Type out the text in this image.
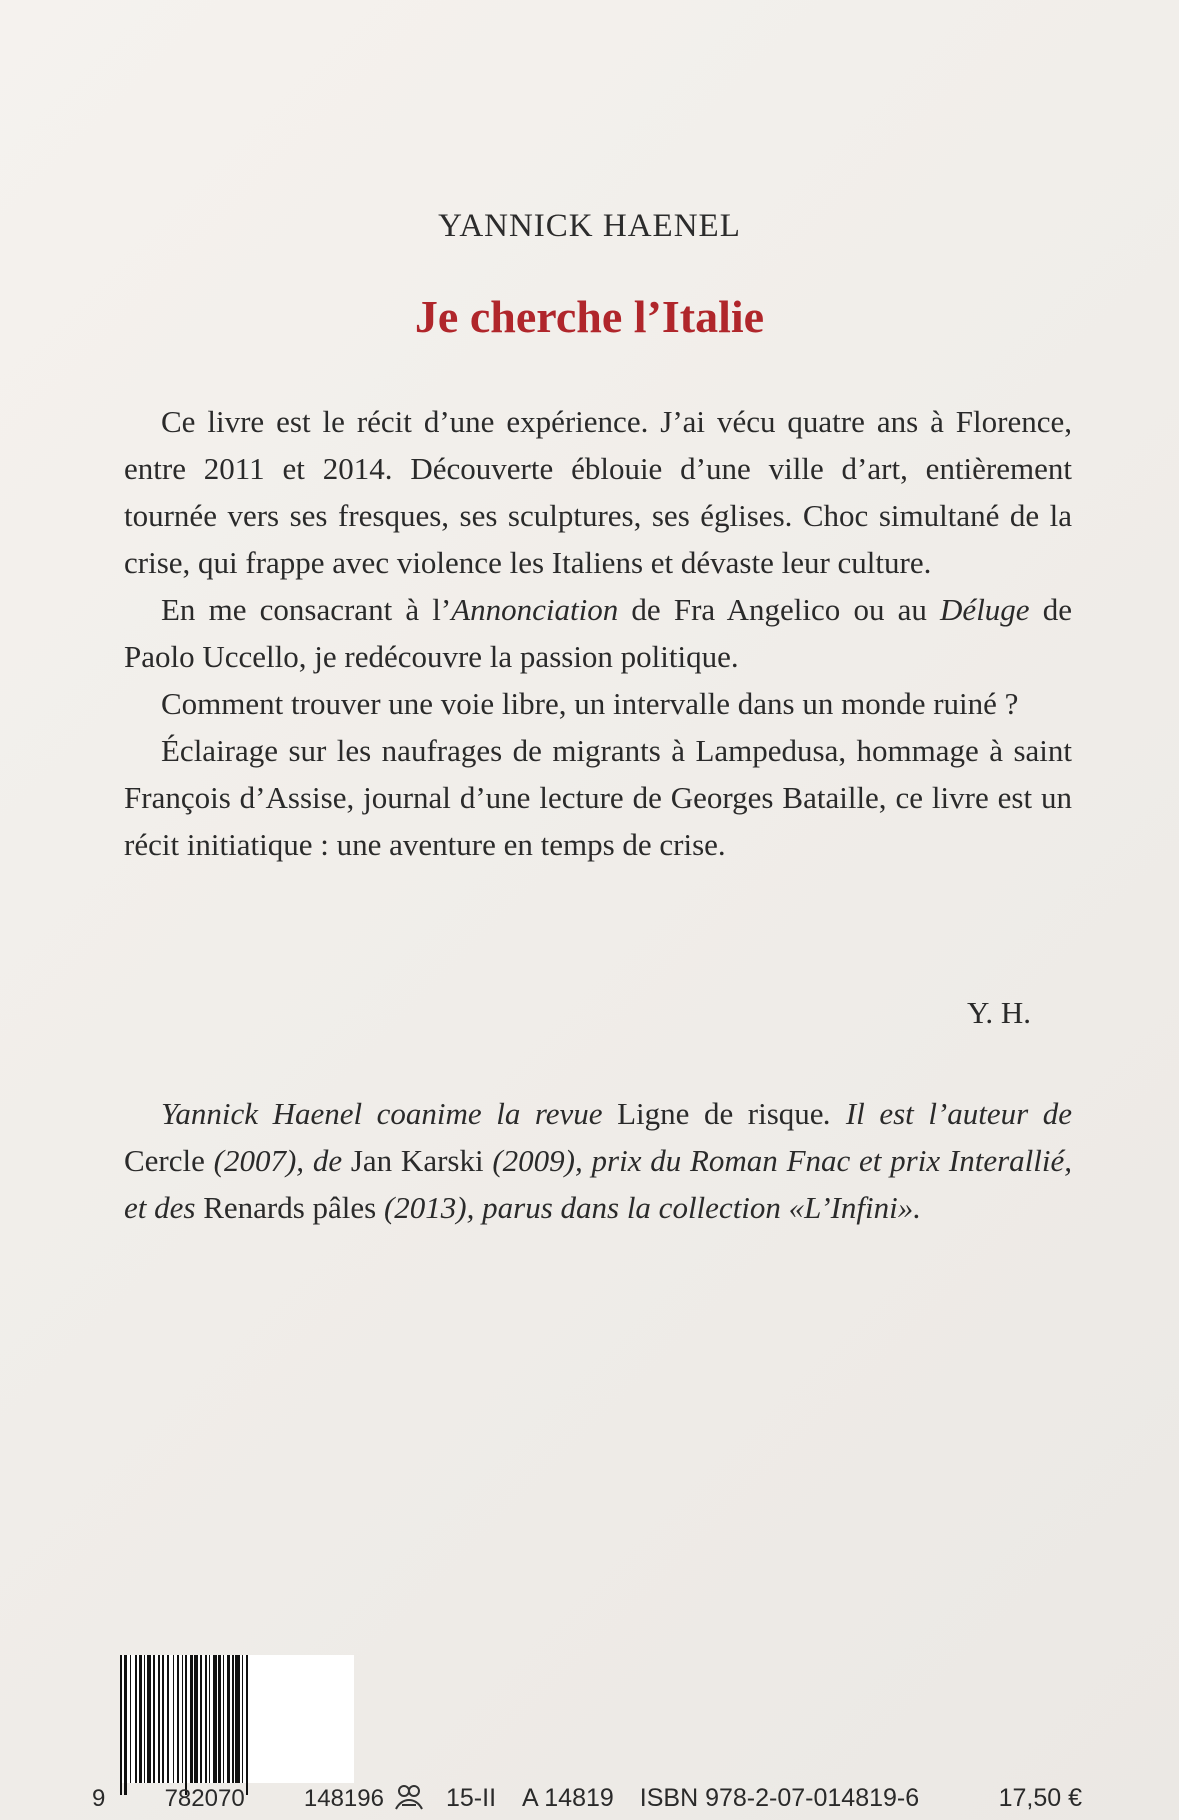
YANNICK HAENEL
Je cherche l’Italie

Ce livre est le récit d’une expérience. J’ai vécu quatre ans à Florence, entre 2011 et 2014. Découverte éblouie d’une ville d’art, entièrement tournée vers ses fresques, ses sculptures, ses églises. Choc simultané de la crise, qui frappe avec violence les Italiens et dévaste leur culture.

En me consacrant à l’Annonciation de Fra Angelico ou au Déluge de Paolo Uccello, je redécouvre la passion politique.

Comment trouver une voie libre, un intervalle dans un monde ruiné ?

Éclairage sur les naufrages de migrants à Lampedusa, hommage à saint François d’Assise, journal d’une lecture de Georges Bataille, ce livre est un récit initiatique : une aventure en temps de crise.

Y. H.
Yannick Haenel coanime la revue Ligne de risque. Il est l’auteur de Cercle (2007), de Jan Karski (2009), prix du Roman Fnac et prix Interallié, et des Renards pâles (2013), parus dans la collection «L’Infini».
9 782070 148196 15-II A 14819 ISBN 978-2-07-014819-6	17,50 €
